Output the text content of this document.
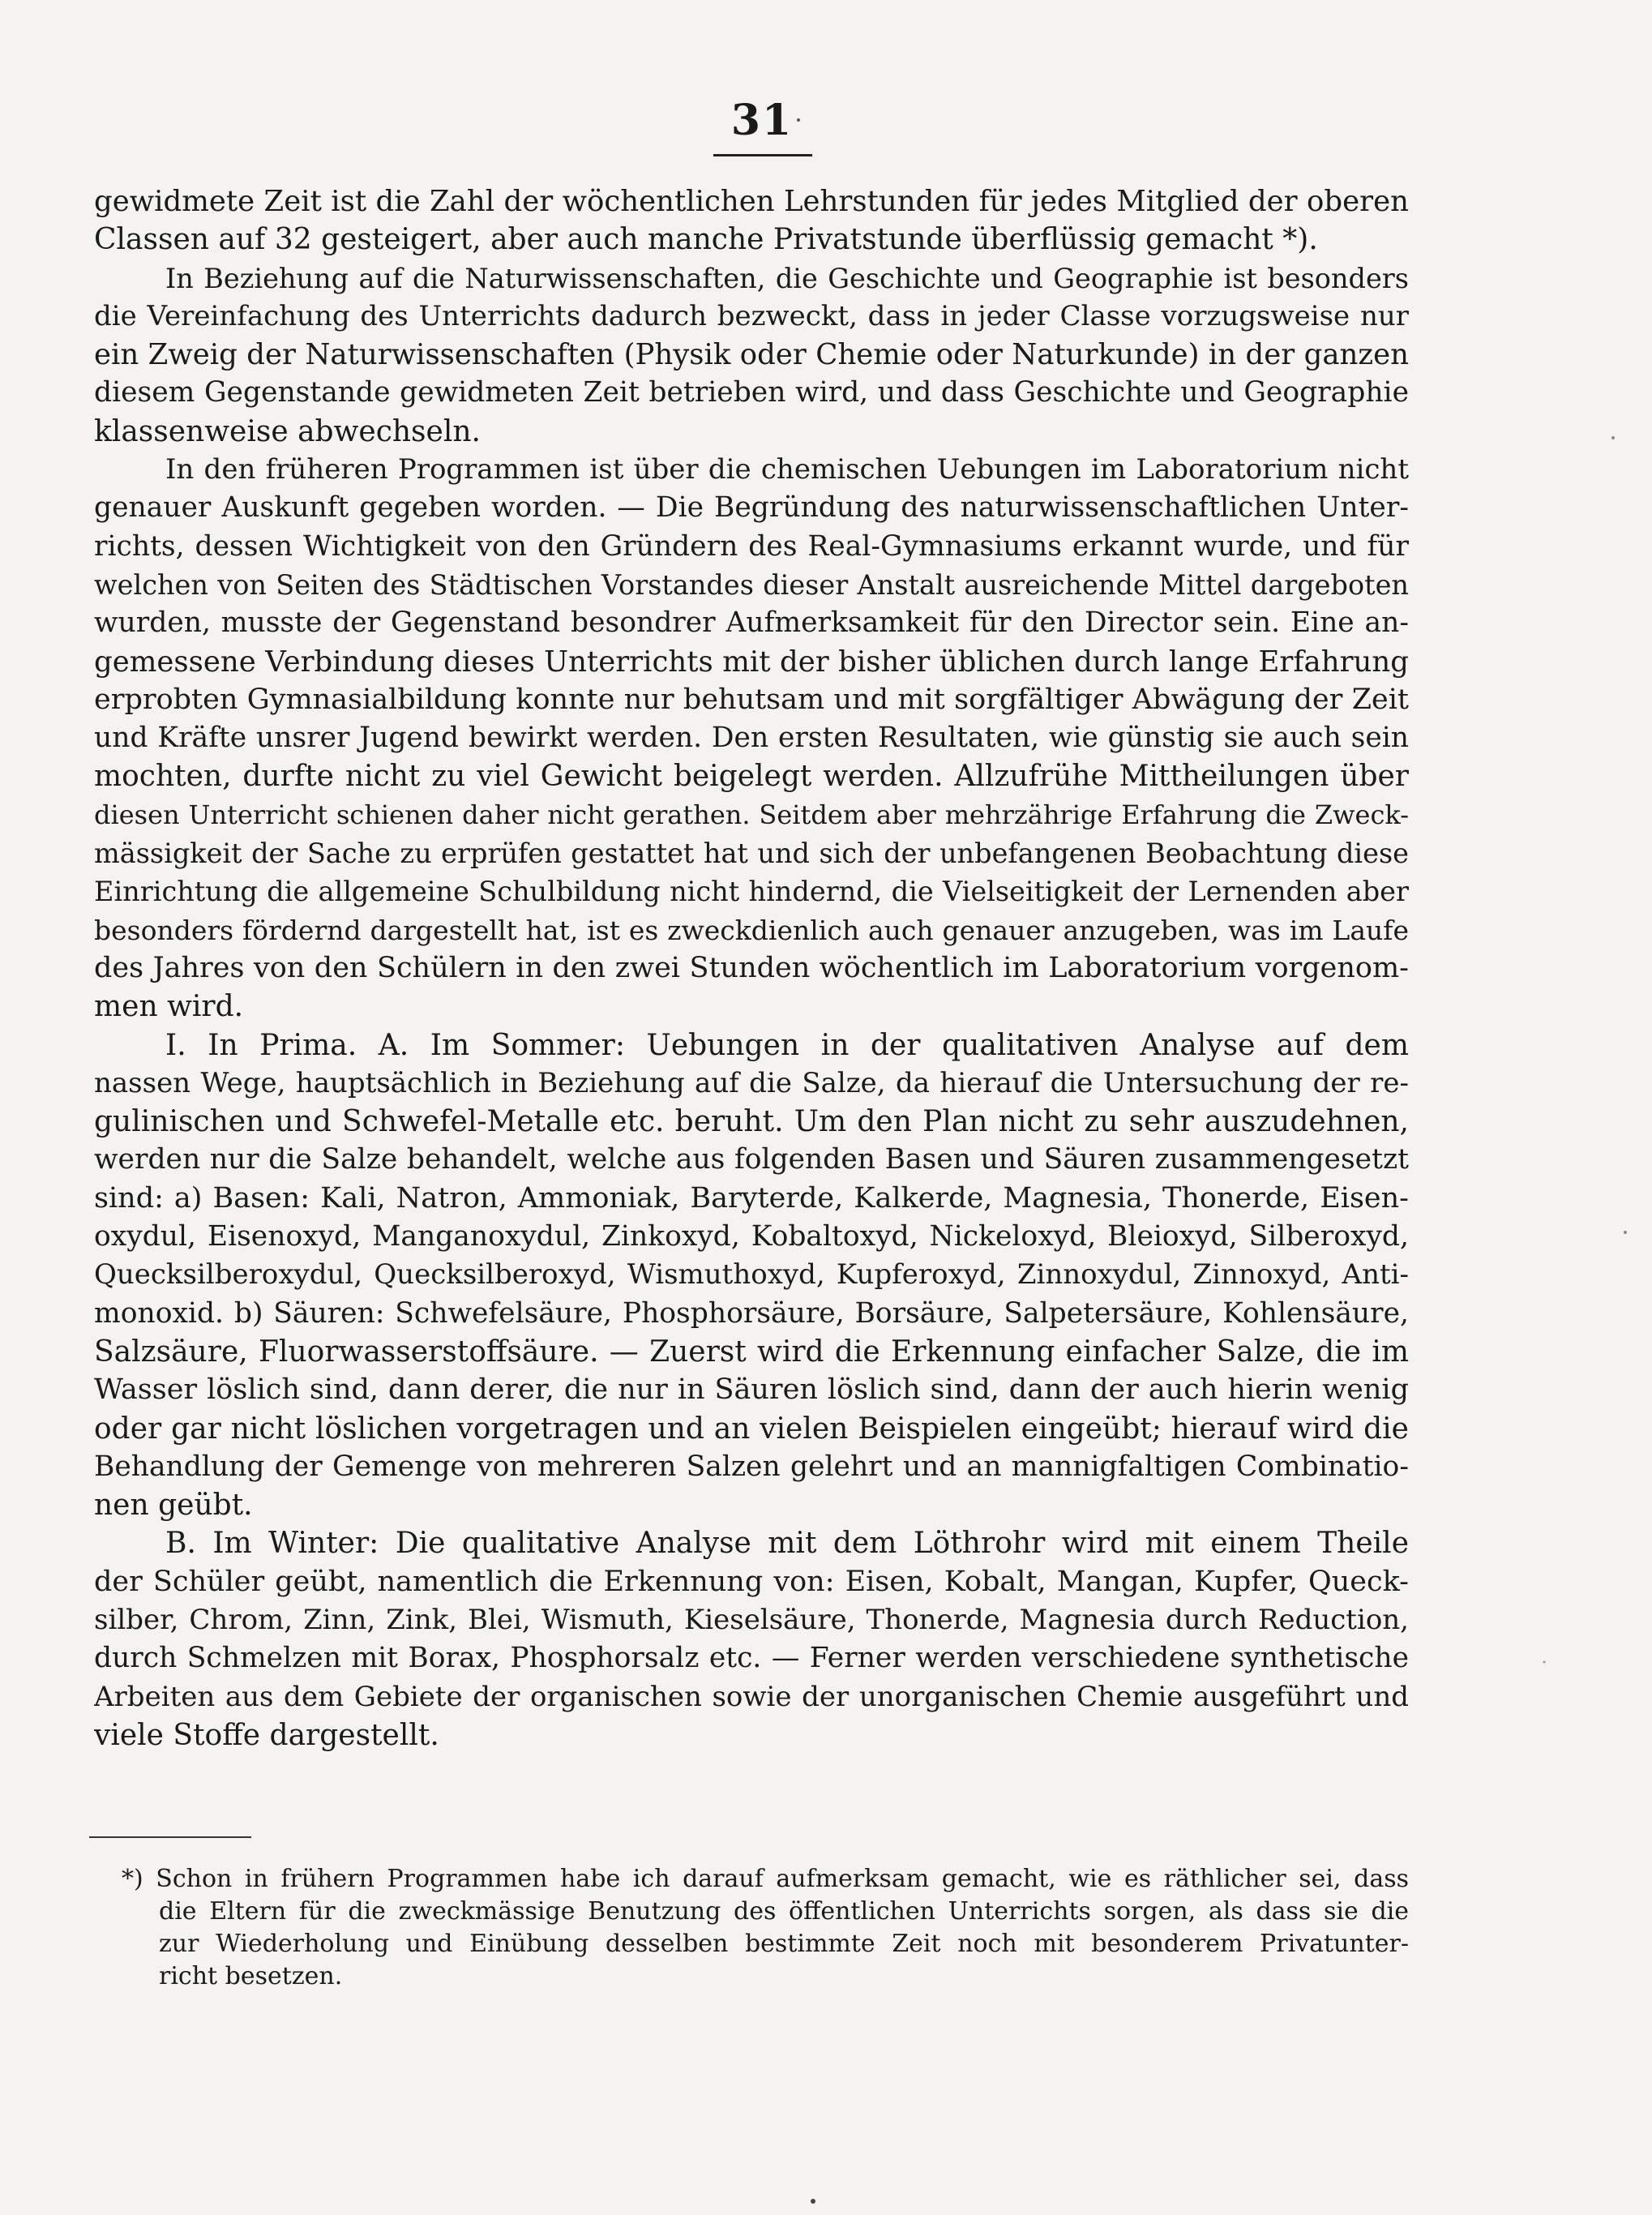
31
gewidmete Zeit ist die Zahl der wöchentlichen Lehrstunden für jedes Mitglied der oberen
Classen auf 32 gesteigert, aber auch manche Privatstunde überflüssig gemacht *).
In Beziehung auf die Naturwissenschaften, die Geschichte und Geographie ist besonders
die Vereinfachung des Unterrichts dadurch bezweckt, dass in jeder Classe vorzugsweise nur
ein Zweig der Naturwissenschaften (Physik oder Chemie oder Naturkunde) in der ganzen
diesem Gegenstande gewidmeten Zeit betrieben wird, und dass Geschichte und Geographie
klassenweise abwechseln.
In den früheren Programmen ist über die chemischen Uebungen im Laboratorium nicht
genauer Auskunft gegeben worden. — Die Begründung des naturwissenschaftlichen Unter-
richts, dessen Wichtigkeit von den Gründern des Real-Gymnasiums erkannt wurde, und für
welchen von Seiten des Städtischen Vorstandes dieser Anstalt ausreichende Mittel dargeboten
wurden, musste der Gegenstand besondrer Aufmerksamkeit für den Director sein. Eine an-
gemessene Verbindung dieses Unterrichts mit der bisher üblichen durch lange Erfahrung
erprobten Gymnasialbildung konnte nur behutsam und mit sorgfältiger Abwägung der Zeit
und Kräfte unsrer Jugend bewirkt werden. Den ersten Resultaten, wie günstig sie auch sein
mochten, durfte nicht zu viel Gewicht beigelegt werden. Allzufrühe Mittheilungen über
diesen Unterricht schienen daher nicht gerathen. Seitdem aber mehrzährige Erfahrung die Zweck-
mässigkeit der Sache zu erprüfen gestattet hat und sich der unbefangenen Beobachtung diese
Einrichtung die allgemeine Schulbildung nicht hindernd, die Vielseitigkeit der Lernenden aber
besonders fördernd dargestellt hat, ist es zweckdienlich auch genauer anzugeben, was im Laufe
des Jahres von den Schülern in den zwei Stunden wöchentlich im Laboratorium vorgenom-
men wird.
I. In Prima. A. Im Sommer: Uebungen in der qualitativen Analyse auf dem
nassen Wege, hauptsächlich in Beziehung auf die Salze, da hierauf die Untersuchung der re-
gulinischen und Schwefel-Metalle etc. beruht. Um den Plan nicht zu sehr auszudehnen,
werden nur die Salze behandelt, welche aus folgenden Basen und Säuren zusammengesetzt
sind: a) Basen: Kali, Natron, Ammoniak, Baryterde, Kalkerde, Magnesia, Thonerde, Eisen-
oxydul, Eisenoxyd, Manganoxydul, Zinkoxyd, Kobaltoxyd, Nickeloxyd, Bleioxyd, Silberoxyd,
Quecksilberoxydul, Quecksilberoxyd, Wismuthoxyd, Kupferoxyd, Zinnoxydul, Zinnoxyd, Anti-
monoxid. b) Säuren: Schwefelsäure, Phosphorsäure, Borsäure, Salpetersäure, Kohlensäure,
Salzsäure, Fluorwasserstoffsäure. — Zuerst wird die Erkennung einfacher Salze, die im
Wasser löslich sind, dann derer, die nur in Säuren löslich sind, dann der auch hierin wenig
oder gar nicht löslichen vorgetragen und an vielen Beispielen eingeübt; hierauf wird die
Behandlung der Gemenge von mehreren Salzen gelehrt und an mannigfaltigen Combinatio-
nen geübt.
B. Im Winter: Die qualitative Analyse mit dem Löthrohr wird mit einem Theile
der Schüler geübt, namentlich die Erkennung von: Eisen, Kobalt, Mangan, Kupfer, Queck-
silber, Chrom, Zinn, Zink, Blei, Wismuth, Kieselsäure, Thonerde, Magnesia durch Reduction,
durch Schmelzen mit Borax, Phosphorsalz etc. — Ferner werden verschiedene synthetische
Arbeiten aus dem Gebiete der organischen sowie der unorganischen Chemie ausgeführt und
viele Stoffe dargestellt.
*) Schon in frühern Programmen habe ich darauf aufmerksam gemacht, wie es räthlicher sei, dass
die Eltern für die zweckmässige Benutzung des öffentlichen Unterrichts sorgen, als dass sie die
zur Wiederholung und Einübung desselben bestimmte Zeit noch mit besonderem Privatunter-
richt besetzen.
